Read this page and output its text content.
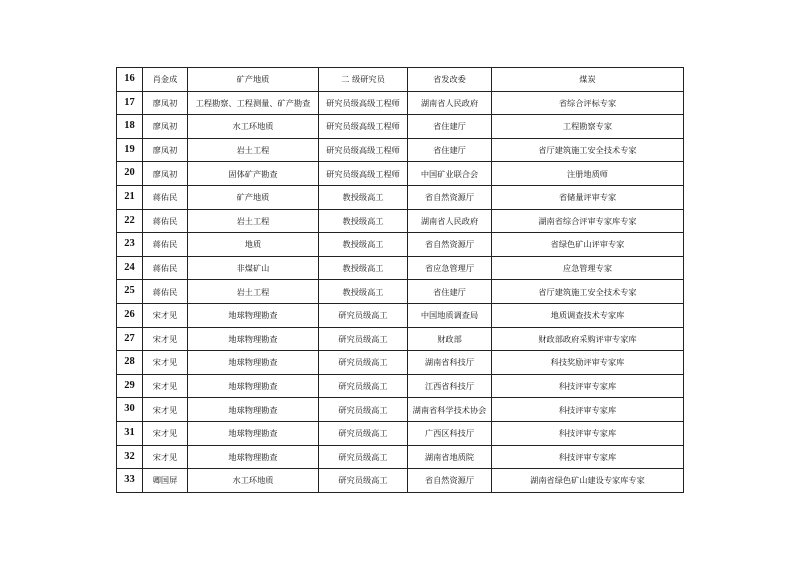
16	肖金成	矿产地质	二 级研究员	省发改委	煤炭
17	廖凤初	工程勘察、工程测量、矿产勘查	研究员级高级工程师	湖南省人民政府	省综合评标专家
18	廖凤初	水工环地质	研究员级高级工程师	省住建厅	工程勘察专家
19	廖凤初	岩土工程	研究员级高级工程师	省住建厅	省厅建筑施工安全技术专家
20	廖凤初	固体矿产勘查	研究员级高级工程师	中国矿业联合会	注册地质师
21	蒋佑民	矿产地质	教授级高工	省自然资源厅	省储量评审专家
22	蒋佑民	岩土工程	教授级高工	湖南省人民政府	湖南省综合评审专家库专家
23	蒋佑民	地质	教授级高工	省自然资源厅	省绿色矿山评审专家
24	蒋佑民	非煤矿山	教授级高工	省应急管理厅	应急管理专家
25	蒋佑民	岩土工程	教授级高工	省住建厅	省厅建筑施工安全技术专家
26	宋才见	地球物理勘查	研究员级高工	中国地质调查局	地质调查技术专家库
27	宋才见	地球物理勘查	研究员级高工	财政部	财政部政府采购评审专家库
28	宋才见	地球物理勘查	研究员级高工	湖南省科技厅	科技奖励评审专家库
29	宋才见	地球物理勘查	研究员级高工	江西省科技厅	科技评审专家库
30	宋才见	地球物理勘查	研究员级高工	湖南省科学技术协会	科技评审专家库
31	宋才见	地球物理勘查	研究员级高工	广西区科技厅	科技评审专家库
32	宋才见	地球物理勘查	研究员级高工	湖南省地质院	科技评审专家库
33	卿国屏	水工环地质	研究员级高工	省自然资源厅	湖南省绿色矿山建设专家库专家
